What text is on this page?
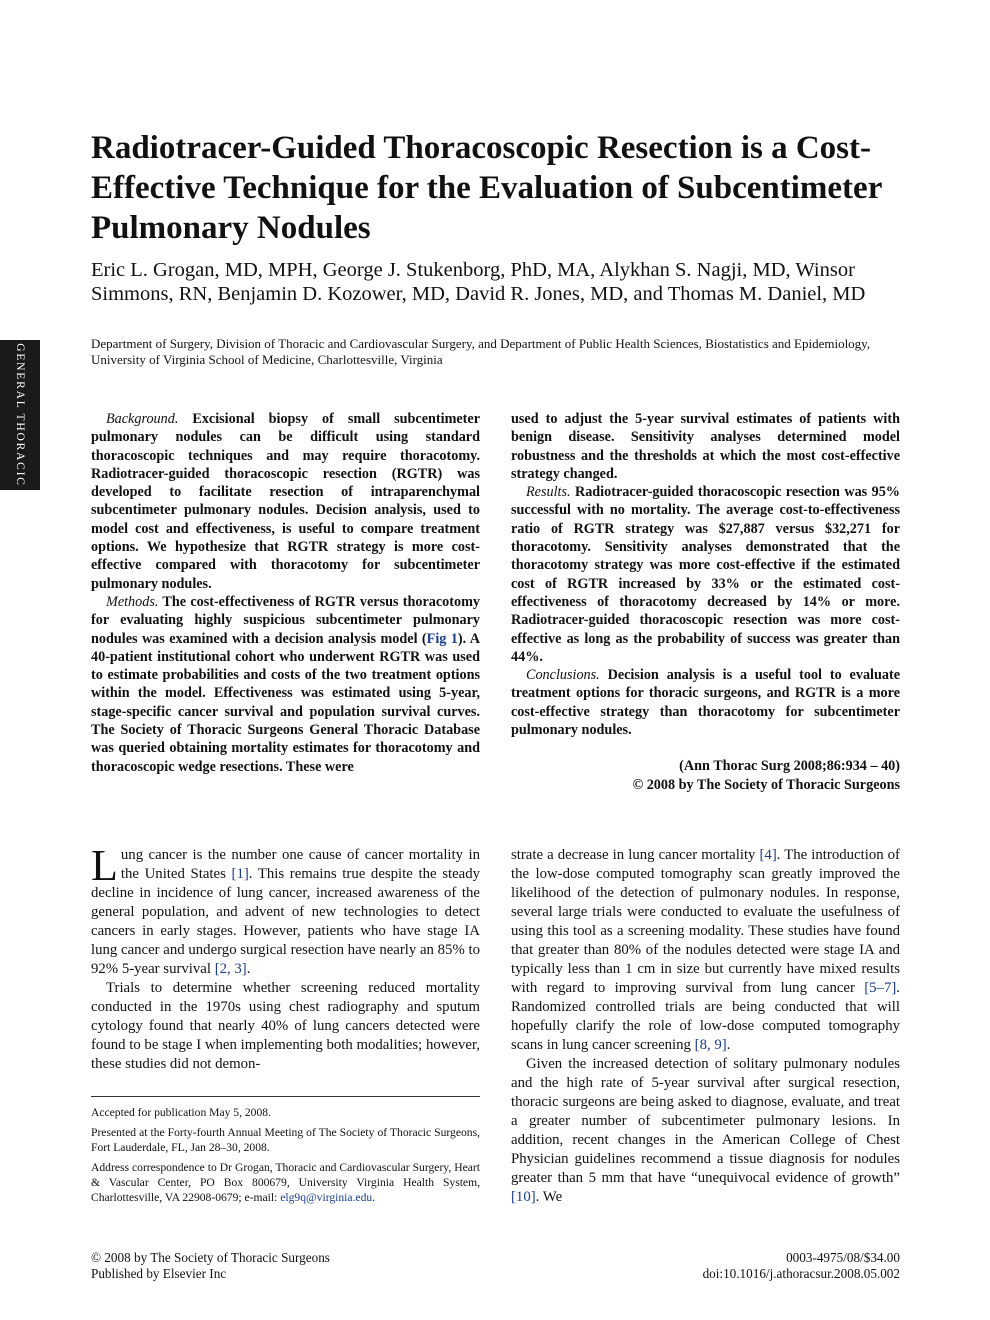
GENERAL THORACIC
Radiotracer-Guided Thoracoscopic Resection is a Cost-Effective Technique for the Evaluation of Subcentimeter Pulmonary Nodules

Eric L. Grogan, MD, MPH, George J. Stukenborg, PhD, MA, Alykhan S. Nagji, MD, Winsor Simmons, RN, Benjamin D. Kozower, MD, David R. Jones, MD, and Thomas M. Daniel, MD

Department of Surgery, Division of Thoracic and Cardiovascular Surgery, and Department of Public Health Sciences, Biostatistics and Epidemiology, University of Virginia School of Medicine, Charlottesville, Virginia

Background. Excisional biopsy of small subcentimeter pulmonary nodules can be difficult using standard thoracoscopic techniques and may require thoracotomy. Radiotracer-guided thoracoscopic resection (RGTR) was developed to facilitate resection of intraparenchymal subcentimeter pulmonary nodules. Decision analysis, used to model cost and effectiveness, is useful to compare treatment options. We hypothesize that RGTR strategy is more cost-effective compared with thoracotomy for subcentimeter pulmonary nodules.

Methods. The cost-effectiveness of RGTR versus thoracotomy for evaluating highly suspicious subcentimeter pulmonary nodules was examined with a decision analysis model (Fig 1). A 40-patient institutional cohort who underwent RGTR was used to estimate probabilities and costs of the two treatment options within the model. Effectiveness was estimated using 5-year, stage-specific cancer survival and population survival curves. The Society of Thoracic Surgeons General Thoracic Database was queried obtaining mortality estimates for thoracotomy and thoracoscopic wedge resections. These were

used to adjust the 5-year survival estimates of patients with benign disease. Sensitivity analyses determined model robustness and the thresholds at which the most cost-effective strategy changed.

Results. Radiotracer-guided thoracoscopic resection was 95% successful with no mortality. The average cost-to-effectiveness ratio of RGTR strategy was $27,887 versus $32,271 for thoracotomy. Sensitivity analyses demonstrated that the thoracotomy strategy was more cost-effective if the estimated cost of RGTR increased by 33% or the estimated cost-effectiveness of thoracotomy decreased by 14% or more. Radiotracer-guided thoracoscopic resection was more cost-effective as long as the probability of success was greater than 44%.

Conclusions. Decision analysis is a useful tool to evaluate treatment options for thoracic surgeons, and RGTR is a more cost-effective strategy than thoracotomy for subcentimeter pulmonary nodules.

(Ann Thorac Surg 2008;86:934 – 40)
© 2008 by The Society of Thoracic Surgeons

Lung cancer is the number one cause of cancer mortality in the United States [1]. This remains true despite the steady decline in incidence of lung cancer, increased awareness of the general population, and advent of new technologies to detect cancers in early stages. However, patients who have stage IA lung cancer and undergo surgical resection have nearly an 85% to 92% 5-year survival [2, 3].

Trials to determine whether screening reduced mortality conducted in the 1970s using chest radiography and sputum cytology found that nearly 40% of lung cancers detected were found to be stage I when implementing both modalities; however, these studies did not demon-

strate a decrease in lung cancer mortality [4]. The introduction of the low-dose computed tomography scan greatly improved the likelihood of the detection of pulmonary nodules. In response, several large trials were conducted to evaluate the usefulness of using this tool as a screening modality. These studies have found that greater than 80% of the nodules detected were stage IA and typically less than 1 cm in size but currently have mixed results with regard to improving survival from lung cancer [5–7]. Randomized controlled trials are being conducted that will hopefully clarify the role of low-dose computed tomography scans in lung cancer screening [8, 9].

Given the increased detection of solitary pulmonary nodules and the high rate of 5-year survival after surgical resection, thoracic surgeons are being asked to diagnose, evaluate, and treat a greater number of subcentimeter pulmonary lesions. In addition, recent changes in the American College of Chest Physician guidelines recommend a tissue diagnosis for nodules greater than 5 mm that have “unequivocal evidence of growth” [10]. We

Accepted for publication May 5, 2008.

Presented at the Forty-fourth Annual Meeting of The Society of Thoracic Surgeons, Fort Lauderdale, FL, Jan 28–30, 2008.

Address correspondence to Dr Grogan, Thoracic and Cardiovascular Surgery, Heart & Vascular Center, PO Box 800679, University Virginia Health System, Charlottesville, VA 22908-0679; e-mail: elg9q@virginia.edu.

© 2008 by The Society of Thoracic Surgeons
Published by Elsevier Inc
0003-4975/08/$34.00
doi:10.1016/j.athoracsur.2008.05.002
